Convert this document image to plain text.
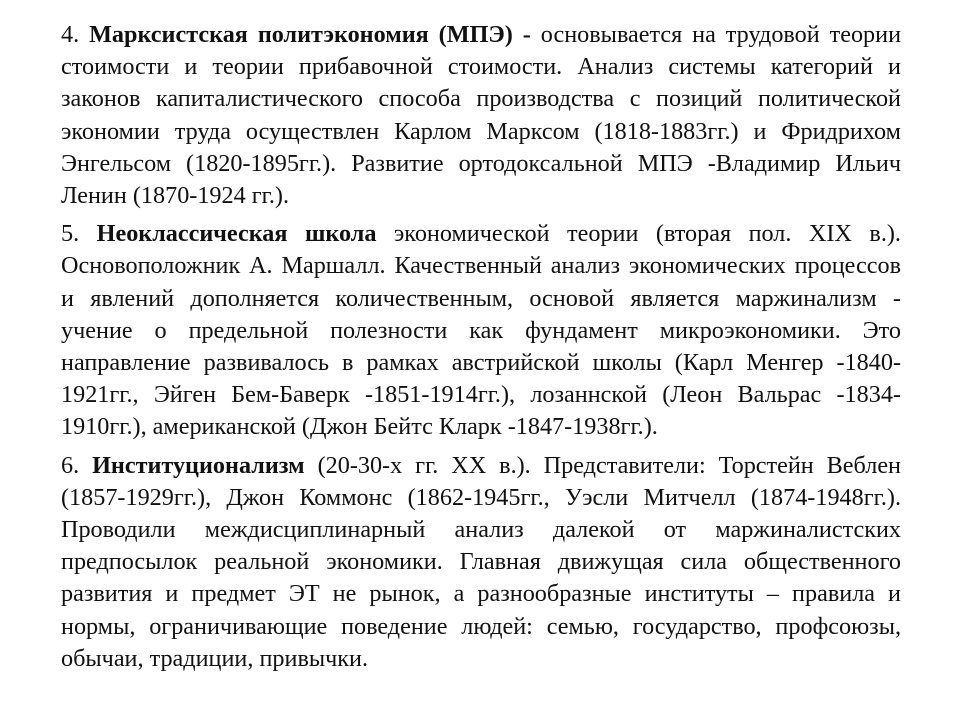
4. Марксистская политэкономия (МПЭ) - основывается на трудовой теории стоимости и теории прибавочной стоимости. Анализ системы категорий и законов капиталистического способа производства с позиций политической экономии труда осуществлен Карлом Марксом (1818-1883гг.) и Фридрихом Энгельсом (1820-1895гг.). Развитие ортодоксальной МПЭ -Владимир Ильич Ленин (1870-1924 гг.).

5. Неоклассическая школа экономической теории (вторая пол. XIX в.). Основоположник А. Маршалл. Качественный анализ экономических процессов и явлений дополняется количественным, основой является маржинализм - учение о предельной полезности как фундамент микроэкономики. Это направление развивалось в рамках австрийской школы (Карл Менгер -1840-1921гг., Эйген Бем-Баверк -1851-1914гг.), лозаннской (Леон Вальрас -1834-1910гг.), американской (Джон Бейтс Кларк -1847-1938гг.).

6. Институционализм (20-30-х гг. XX в.). Представители: Торстейн Веблен (1857-1929гг.), Джон Коммонс (1862-1945гг., Уэсли Митчелл (1874-1948гг.). Проводили междисциплинарный анализ далекой от маржиналистских предпосылок реальной экономики. Главная движущая сила общественного развития и предмет ЭТ не рынок, а разнообразные институты – правила и нормы, ограничивающие поведение людей: семью, государство, профсоюзы, обычаи, традиции, привычки.
